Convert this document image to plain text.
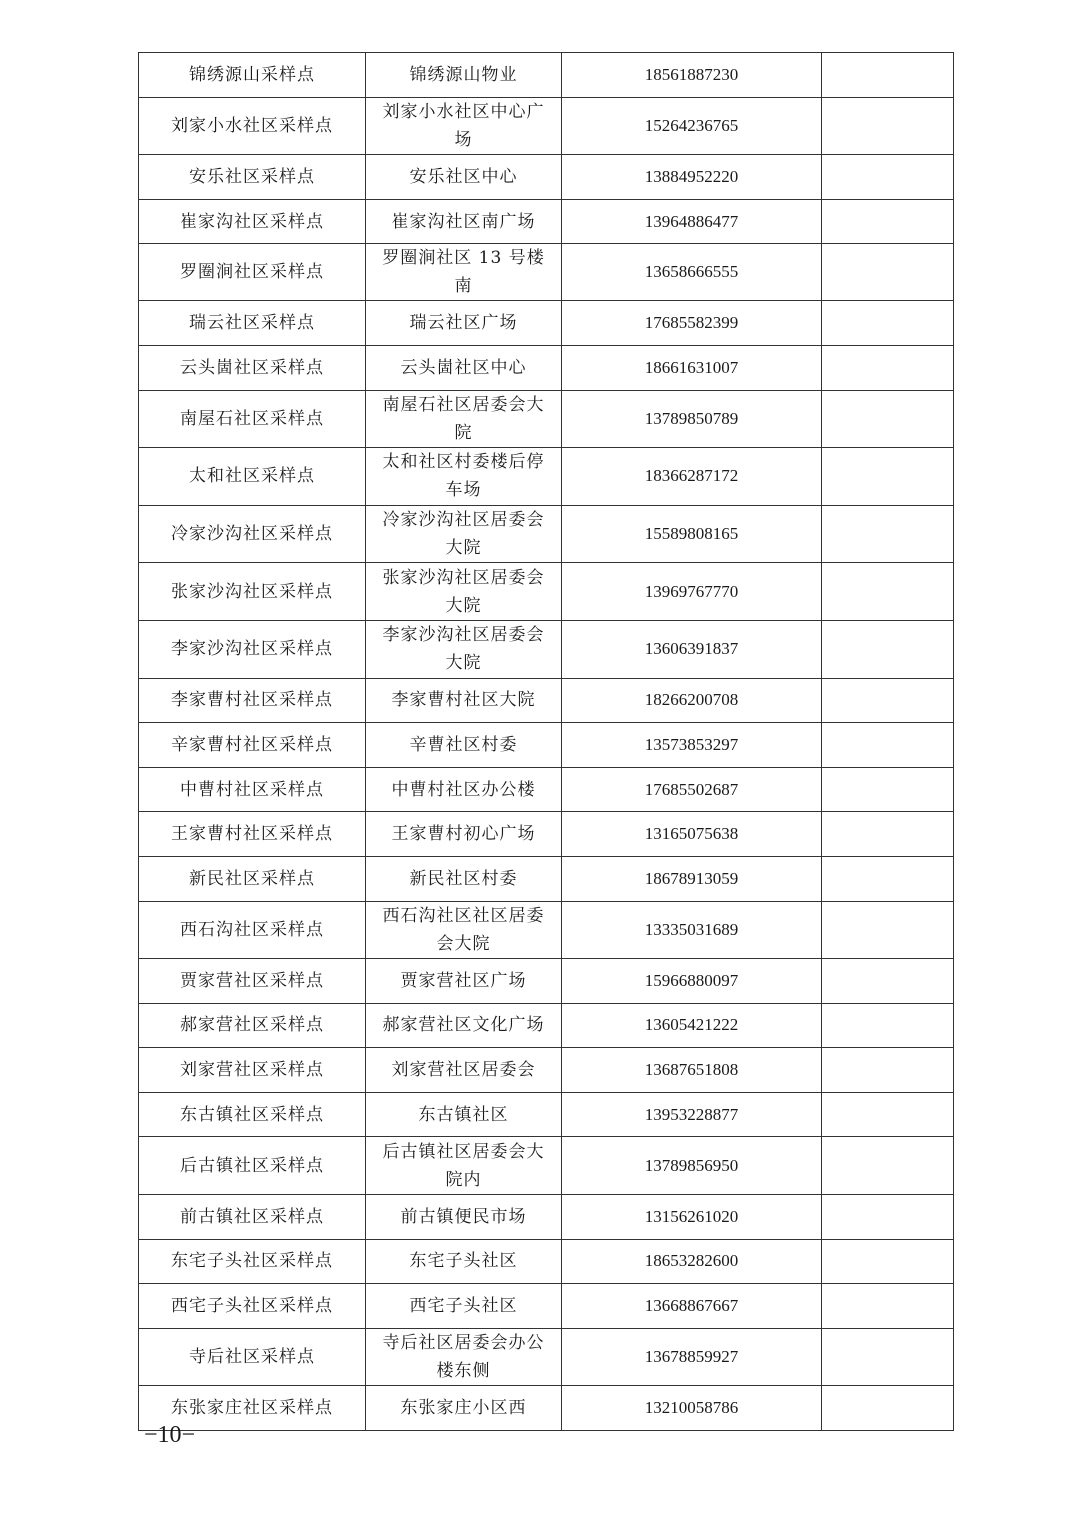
锦绣源山采样点	锦绣源山物业	18561887230	
刘家小水社区采样点	刘家小水社区中心广场	15264236765	
安乐社区采样点	安乐社区中心	13884952220	
崔家沟社区采样点	崔家沟社区南广场	13964886477	
罗圈涧社区采样点	罗圈涧社区 13 号楼南	13658666555	
瑞云社区采样点	瑞云社区广场	17685582399	
云头崮社区采样点	云头崮社区中心	18661631007	
南屋石社区采样点	南屋石社区居委会大院	13789850789	
太和社区采样点	太和社区村委楼后停车场	18366287172	
冷家沙沟社区采样点	冷家沙沟社区居委会大院	15589808165	
张家沙沟社区采样点	张家沙沟社区居委会大院	13969767770	
李家沙沟社区采样点	李家沙沟社区居委会大院	13606391837	
李家曹村社区采样点	李家曹村社区大院	18266200708	
辛家曹村社区采样点	辛曹社区村委	13573853297	
中曹村社区采样点	中曹村社区办公楼	17685502687	
王家曹村社区采样点	王家曹村初心广场	13165075638	
新民社区采样点	新民社区村委	18678913059	
西石沟社区采样点	西石沟社区社区居委会大院	13335031689	
贾家营社区采样点	贾家营社区广场	15966880097	
郝家营社区采样点	郝家营社区文化广场	13605421222	
刘家营社区采样点	刘家营社区居委会	13687651808	
东古镇社区采样点	东古镇社区	13953228877	
后古镇社区采样点	后古镇社区居委会大院内	13789856950	
前古镇社区采样点	前古镇便民市场	13156261020	
东宅子头社区采样点	东宅子头社区	18653282600	
西宅子头社区采样点	西宅子头社区	13668867667	
寺后社区采样点	寺后社区居委会办公楼东侧	13678859927	
东张家庄社区采样点	东张家庄小区西	13210058786	
−10−
